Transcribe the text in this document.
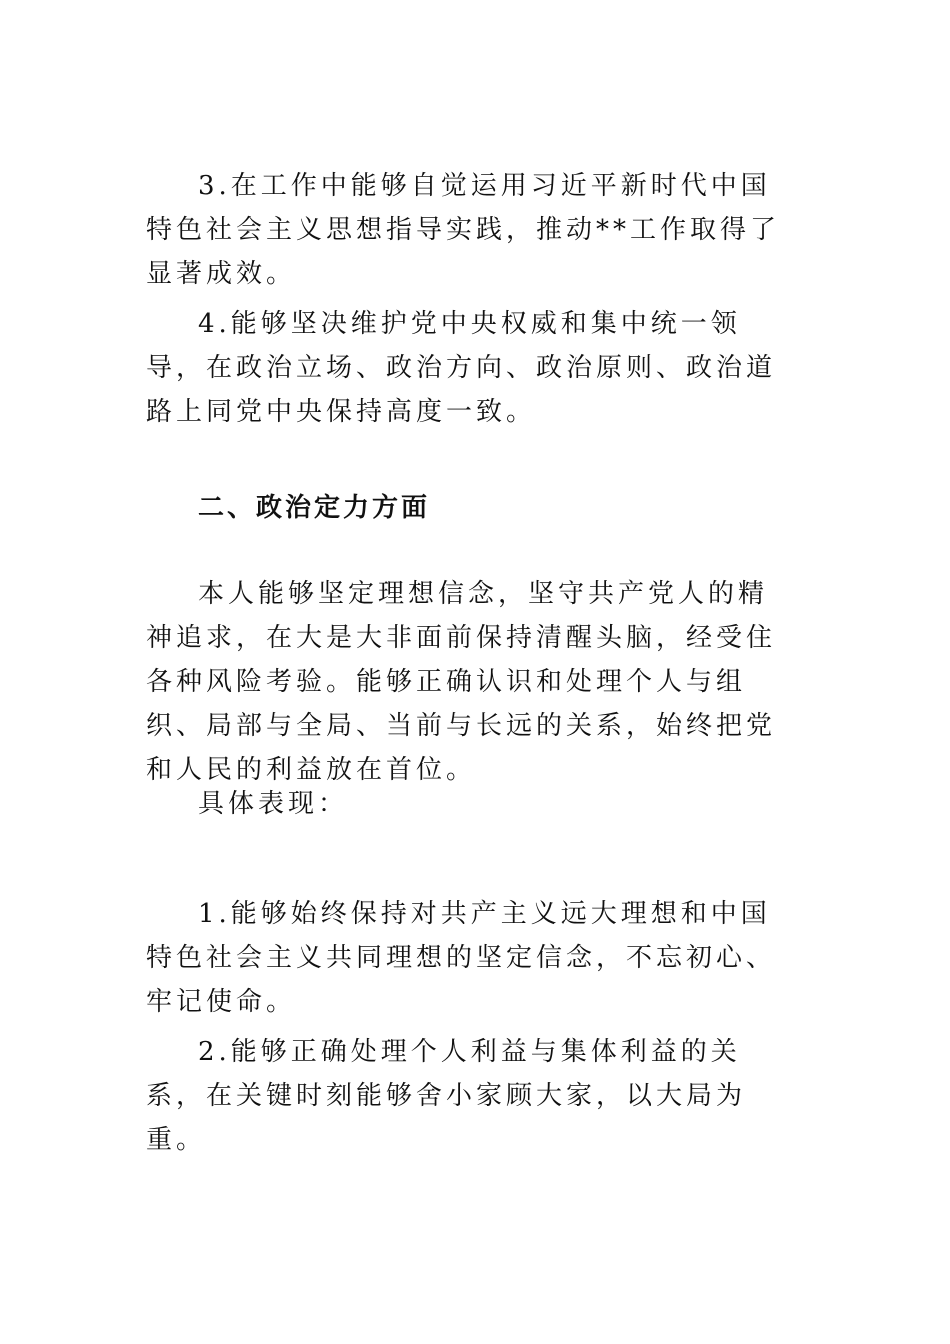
3.在工作中能够自觉运用习近平新时代中国特色社会主义思想指导实践，推动**工作取得了显著成效。

4.能够坚决维护党中央权威和集中统一领导，在政治立场、政治方向、政治原则、政治道路上同党中央保持高度一致。

二、政治定力方面

本人能够坚定理想信念，坚守共产党人的精神追求，在大是大非面前保持清醒头脑，经受住各种风险考验。能够正确认识和处理个人与组织、局部与全局、当前与长远的关系，始终把党和人民的利益放在首位。

具体表现：

1.能够始终保持对共产主义远大理想和中国特色社会主义共同理想的坚定信念，不忘初心、牢记使命。

2.能够正确处理个人利益与集体利益的关系，在关键时刻能够舍小家顾大家，以大局为重。
